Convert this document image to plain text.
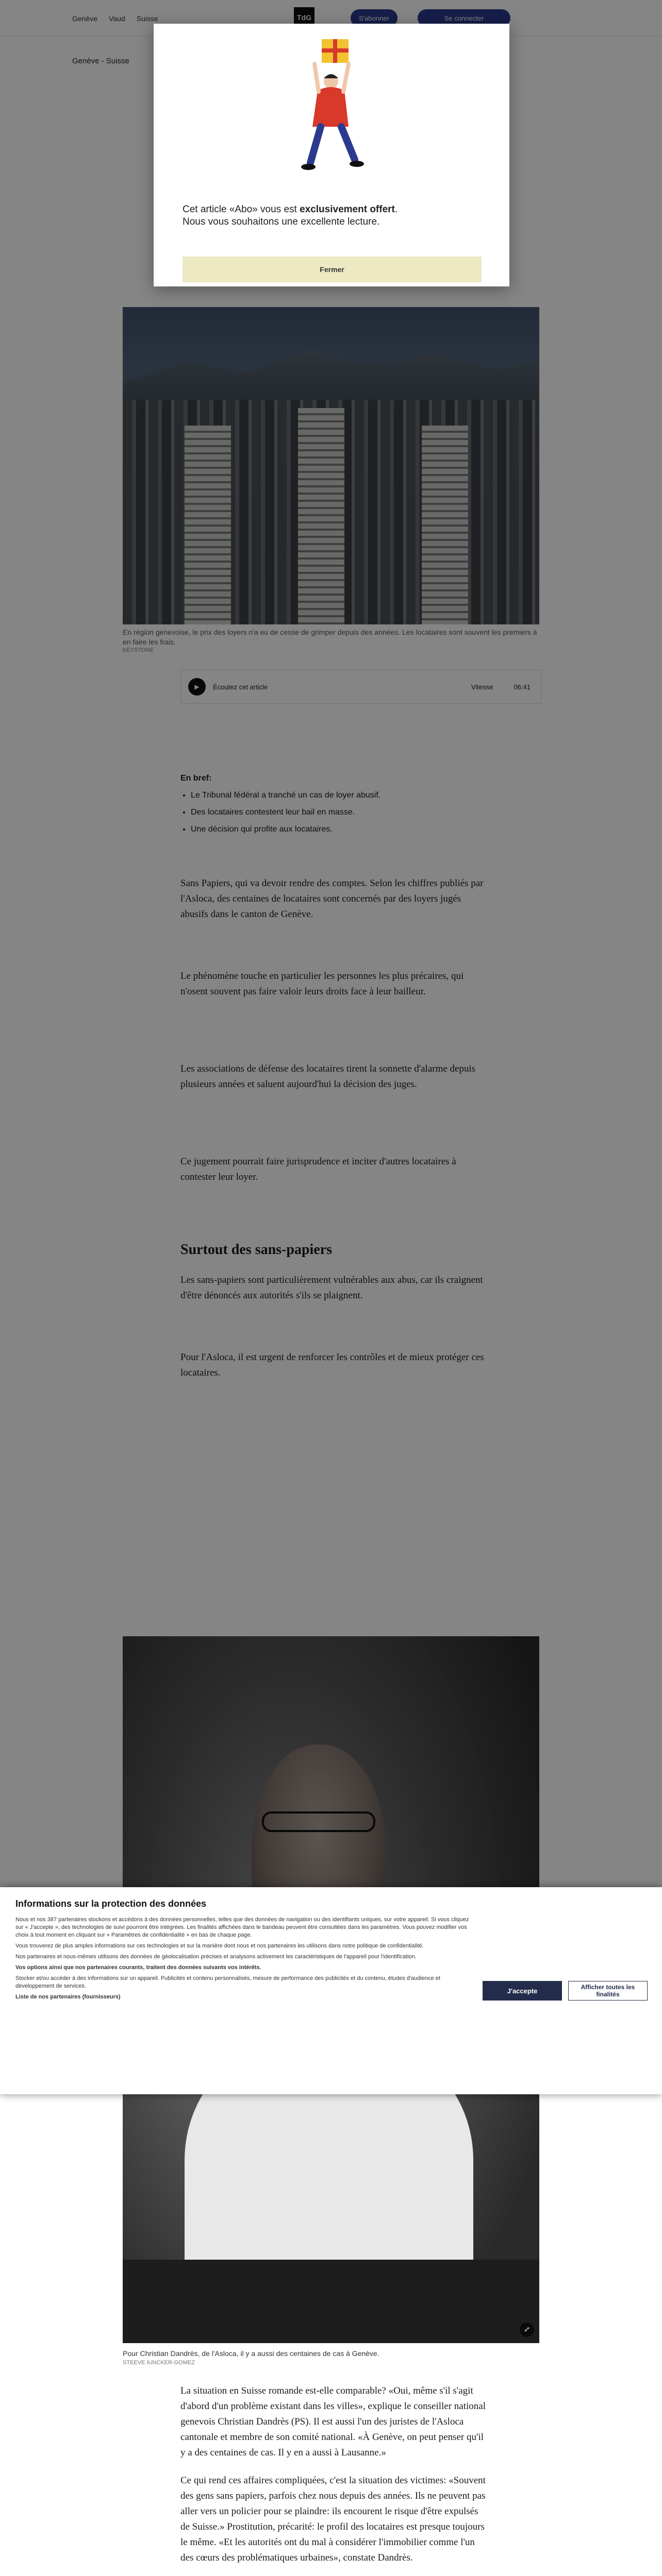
Genève Vaud Suisse	TdG	S'abonner	Se connecter
Genève - Suisse
En région genevoise, le prix des loyers n'a eu de cesse de grimper depuis des années. Les locataires sont souvent les premiers à en faire les frais.
KEYSTONE
▶	Écoutez cet article	Vitesse	06:41
En bref:
• Le Tribunal fédéral a tranché un cas de loyer abusif.
• Des locataires contestent leur bail en masse.
• Une décision qui profite aux locataires.

Sans Papiers, qui va devoir rendre des comptes. Selon les chiffres publiés par l'Asloca, des centaines de locataires sont concernés par des loyers jugés abusifs dans le canton de Genève.

Le phénomène touche en particulier les personnes les plus précaires, qui n'osent souvent pas faire valoir leurs droits face à leur bailleur.

Les associations de défense des locataires tirent la sonnette d'alarme depuis plusieurs années et saluent aujourd'hui la décision des juges.

Ce jugement pourrait faire jurisprudence et inciter d'autres locataires à contester leur loyer.

Surtout des sans-papiers

Les sans-papiers sont particulièrement vulnérables aux abus, car ils craignent d'être dénoncés aux autorités s'ils se plaignent.

Pour l'Asloca, il est urgent de renforcer les contrôles et de mieux protéger ces locataires.

⤢
Pour Christian Dandrès, de l'Asloca, il y a aussi des centaines de cas à Genève.
STEEVE IUNCKER-GOMEZ

La situation en Suisse romande est-elle comparable? «Oui, même s'il s'agit d'abord d'un problème existant dans les villes», explique le conseiller national genevois Christian Dandrès (PS). Il est aussi l'un des juristes de l'Asloca cantonale et membre de son comité national. «À Genève, on peut penser qu'il y a des centaines de cas. Il y en a aussi à Lausanne.»

Ce qui rend ces affaires compliquées, c'est la situation des victimes: «Souvent des gens sans papiers, parfois chez nous depuis des années. Ils ne peuvent pas aller vers un policier pour se plaindre: ils encourent le risque d'être expulsés de Suisse.» Prostitution, précarité: le profil des locataires est presque toujours le même. «Et les autorités ont du mal à considérer l'immobilier comme l'un des cœurs des problématiques urbaines», constate Dandrès.

Cet article «Abo» vous est exclusivement offert.
Nous vous souhaitons une excellente lecture.
Fermer
Informations sur la protection des données

Nous et nos 387 partenaires stockons et accédons à des données personnelles, telles que des données de navigation ou des identifiants uniques, sur votre appareil. Si vous cliquez sur « J'accepte », des technologies de suivi pourront être intégrées. Les finalités affichées dans le bandeau peuvent être consultées dans les paramètres. Vous pouvez modifier vos choix à tout moment en cliquant sur « Paramètres de confidentialité » en bas de chaque page.

Vous trouverez de plus amples informations sur ces technologies et sur la manière dont nous et nos partenaires les utilisons dans notre politique de confidentialité.

Nos partenaires et nous-mêmes utilisons des données de géolocalisation précises et analysons activement les caractéristiques de l'appareil pour l'identification.

Vos options ainsi que nos partenaires courants, traitent des données suivants vos intérêts.

Stocker et/ou accéder à des informations sur un appareil. Publicités et contenu personnalisés, mesure de performance des publicités et du contenu, études d'audience et développement de services.

Liste de nos partenaires (fournisseurs)

J'accepte	Afficher toutes les finalités
